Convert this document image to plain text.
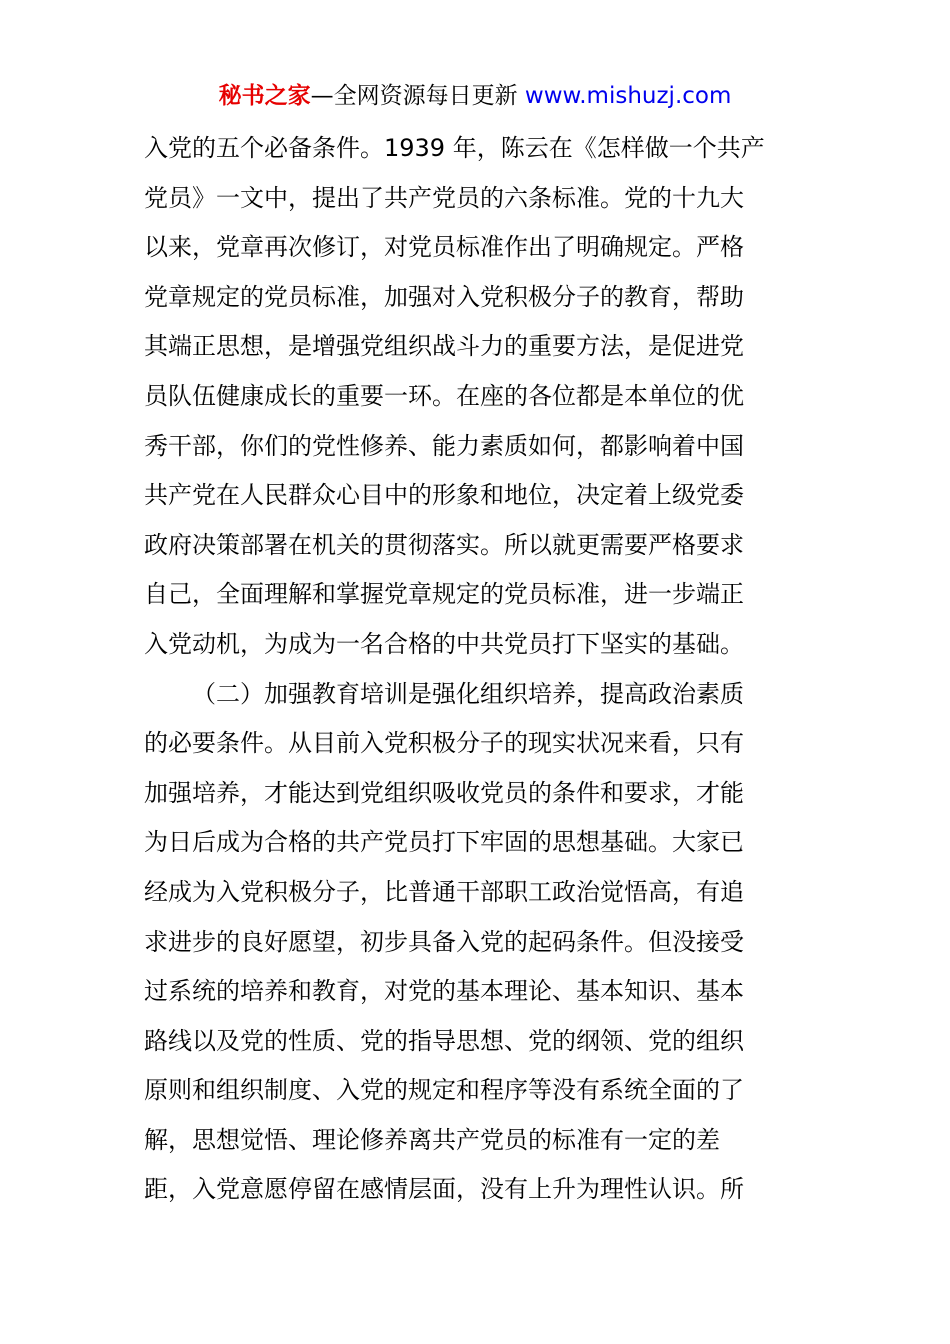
秘书之家—全网资源每日更新 www.mishuzj.com
入党的五个必备条件。1939 年，陈云在《怎样做一个共产
党员》一文中，提出了共产党员的六条标准。党的十九大
以来，党章再次修订，对党员标准作出了明确规定。严格
党章规定的党员标准，加强对入党积极分子的教育，帮助
其端正思想，是增强党组织战斗力的重要方法，是促进党
员队伍健康成长的重要一环。在座的各位都是本单位的优
秀干部，你们的党性修养、能力素质如何，都影响着中国
共产党在人民群众心目中的形象和地位，决定着上级党委
政府决策部署在机关的贯彻落实。所以就更需要严格要求
自己，全面理解和掌握党章规定的党员标准，进一步端正
入党动机，为成为一名合格的中共党员打下坚实的基础。
（二）加强教育培训是强化组织培养，提高政治素质
的必要条件。从目前入党积极分子的现实状况来看，只有
加强培养，才能达到党组织吸收党员的条件和要求，才能
为日后成为合格的共产党员打下牢固的思想基础。大家已
经成为入党积极分子，比普通干部职工政治觉悟高，有追
求进步的良好愿望，初步具备入党的起码条件。但没接受
过系统的培养和教育，对党的基本理论、基本知识、基本
路线以及党的性质、党的指导思想、党的纲领、党的组织
原则和组织制度、入党的规定和程序等没有系统全面的了
解，思想觉悟、理论修养离共产党员的标准有一定的差
距，入党意愿停留在感情层面，没有上升为理性认识。所
